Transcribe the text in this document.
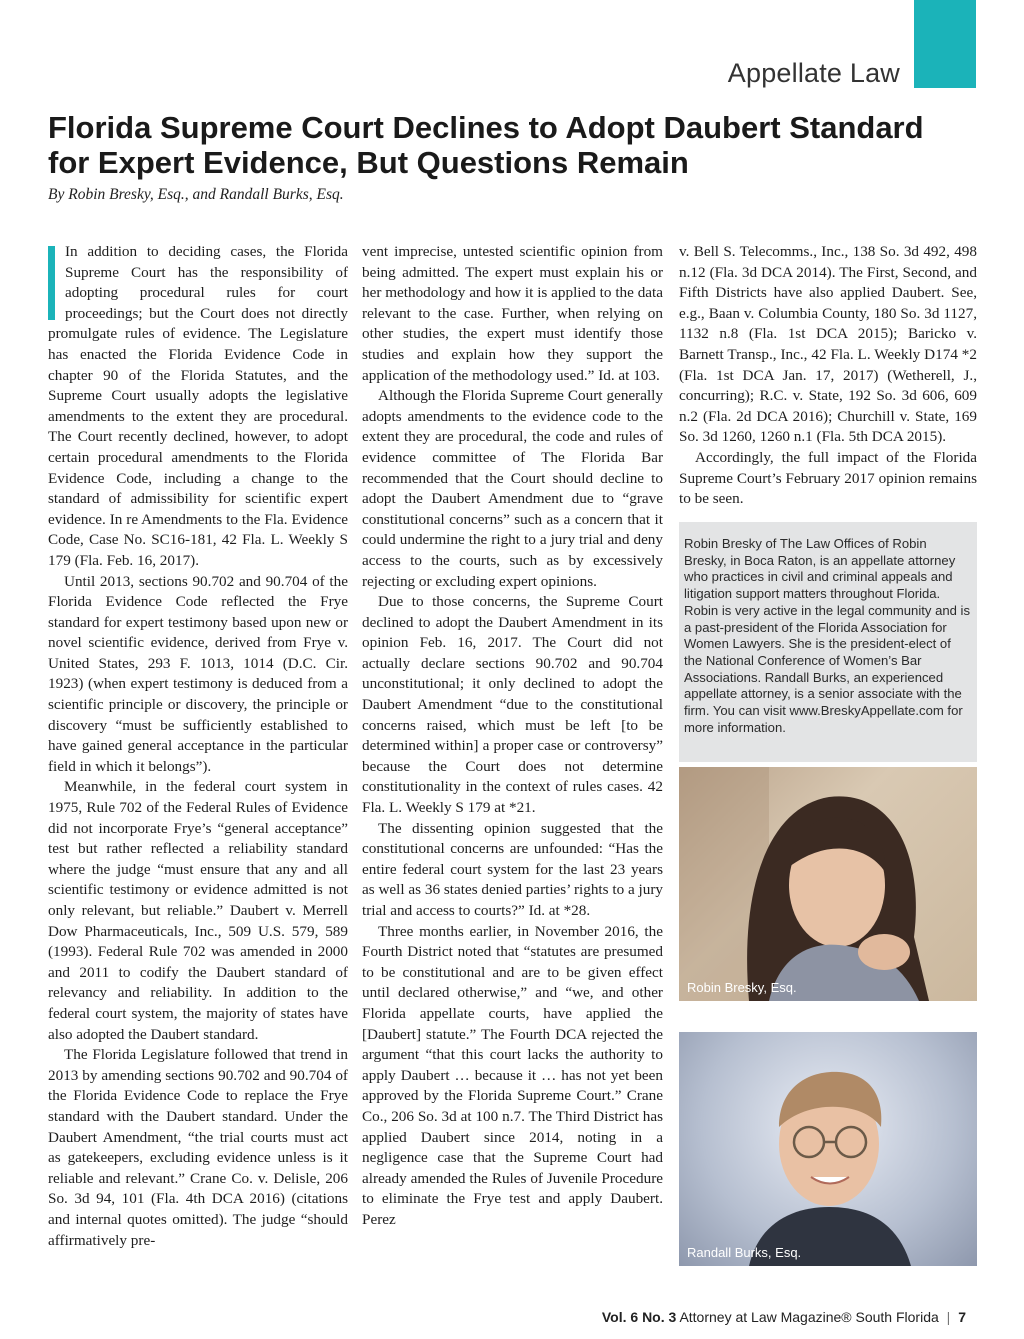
Appellate Law
Florida Supreme Court Declines to Adopt Daubert Standard
for Expert Evidence, But Questions Remain
By Robin Bresky, Esq., and Randall Burks, Esq.

In addition to deciding cases, the Florida Supreme Court has the responsibility of adopting procedural rules for court proceedings; but the Court does not directly promulgate rules of evidence. The Legislature has enacted the Florida Evidence Code in chapter 90 of the Florida Statutes, and the Supreme Court usually adopts the legislative amendments to the extent they are procedural. The Court recently declined, however, to adopt certain procedural amendments to the Florida Evidence Code, including a change to the standard of admissibility for scientific expert evidence. In re Amendments to the Fla. Evidence Code, Case No. SC16-181, 42 Fla. L. Weekly S 179 (Fla. Feb. 16, 2017).

Until 2013, sections 90.702 and 90.704 of the Florida Evidence Code reflected the Frye standard for expert testimony based upon new or novel scientific evidence, derived from Frye v. United States, 293 F. 1013, 1014 (D.C. Cir. 1923) (when expert testimony is deduced from a scientific principle or discovery, the principle or discovery “must be sufficiently established to have gained general acceptance in the particular field in which it belongs”).

Meanwhile, in the federal court system in 1975, Rule 702 of the Federal Rules of Evidence did not incorporate Frye’s “general acceptance” test but rather reflected a reliability standard where the judge “must ensure that any and all scientific testimony or evidence admitted is not only relevant, but reliable.” Daubert v. Merrell Dow Pharmaceuticals, Inc., 509 U.S. 579, 589 (1993). Federal Rule 702 was amended in 2000 and 2011 to codify the Daubert standard of relevancy and reliability. In addition to the federal court system, the majority of states have also adopted the Daubert standard.

The Florida Legislature followed that trend in 2013 by amending sections 90.702 and 90.704 of the Florida Evidence Code to replace the Frye standard with the Daubert standard. Under the Daubert Amendment, “the trial courts must act as gatekeepers, excluding evidence unless is it reliable and relevant.” Crane Co. v. Delisle, 206 So. 3d 94, 101 (Fla. 4th DCA 2016) (citations and internal quotes omitted). The judge “should affirmatively pre-

vent imprecise, untested scientific opinion from being admitted. The expert must explain his or her methodology and how it is applied to the data relevant to the case. Further, when relying on other studies, the expert must identify those studies and explain how they support the application of the methodology used.” Id. at 103.

Although the Florida Supreme Court generally adopts amendments to the evidence code to the extent they are procedural, the code and rules of evidence committee of The Florida Bar recommended that the Court should decline to adopt the Daubert Amendment due to “grave constitutional concerns” such as a concern that it could undermine the right to a jury trial and deny access to the courts, such as by excessively rejecting or excluding expert opinions.

Due to those concerns, the Supreme Court declined to adopt the Daubert Amendment in its opinion Feb. 16, 2017. The Court did not actually declare sections 90.702 and 90.704 unconstitutional; it only declined to adopt the Daubert Amendment “due to the constitutional concerns raised, which must be left [to be determined within] a proper case or controversy” because the Court does not determine constitutionality in the context of rules cases. 42 Fla. L. Weekly S 179 at *21.

The dissenting opinion suggested that the constitutional concerns are unfounded: “Has the entire federal court system for the last 23 years as well as 36 states denied parties’ rights to a jury trial and access to courts?” Id. at *28.

Three months earlier, in November 2016, the Fourth District noted that “statutes are presumed to be constitutional and are to be given effect until declared otherwise,” and “we, and other Florida appellate courts, have applied the [Daubert] statute.” The Fourth DCA rejected the argument “that this court lacks the authority to apply Daubert … because it … has not yet been approved by the Florida Supreme Court.” Crane Co., 206 So. 3d at 100 n.7. The Third District has applied Daubert since 2014, noting in a negligence case that the Supreme Court had already amended the Rules of Juvenile Procedure to eliminate the Frye test and apply Daubert. Perez

v. Bell S. Telecomms., Inc., 138 So. 3d 492, 498 n.12 (Fla. 3d DCA 2014). The First, Second, and Fifth Districts have also applied Daubert. See, e.g., Baan v. Columbia County, 180 So. 3d 1127, 1132 n.8 (Fla. 1st DCA 2015); Baricko v. Barnett Transp., Inc., 42 Fla. L. Weekly D174 *2 (Fla. 1st DCA Jan. 17, 2017) (Wetherell, J., concurring); R.C. v. State, 192 So. 3d 606, 609 n.2 (Fla. 2d DCA 2016); Churchill v. State, 169 So. 3d 1260, 1260 n.1 (Fla. 5th DCA 2015).

Accordingly, the full impact of the Florida Supreme Court’s February 2017 opinion remains to be seen.

Robin Bresky of The Law Offices of Robin Bresky, in Boca Raton, is an appellate attorney who practices in civil and criminal appeals and litigation support matters throughout Florida. Robin is very active in the legal community and is a past-president of the Florida Association for Women Lawyers. She is the president-elect of the National Conference of Women’s Bar Associations. Randall Burks, an experienced appellate attorney, is a senior associate with the firm. You can visit www.BreskyAppellate.com for more information.
Robin Bresky, Esq.
Randall Burks, Esq.
Vol. 6 No. 3 Attorney at Law Magazine® South Florida | 7
